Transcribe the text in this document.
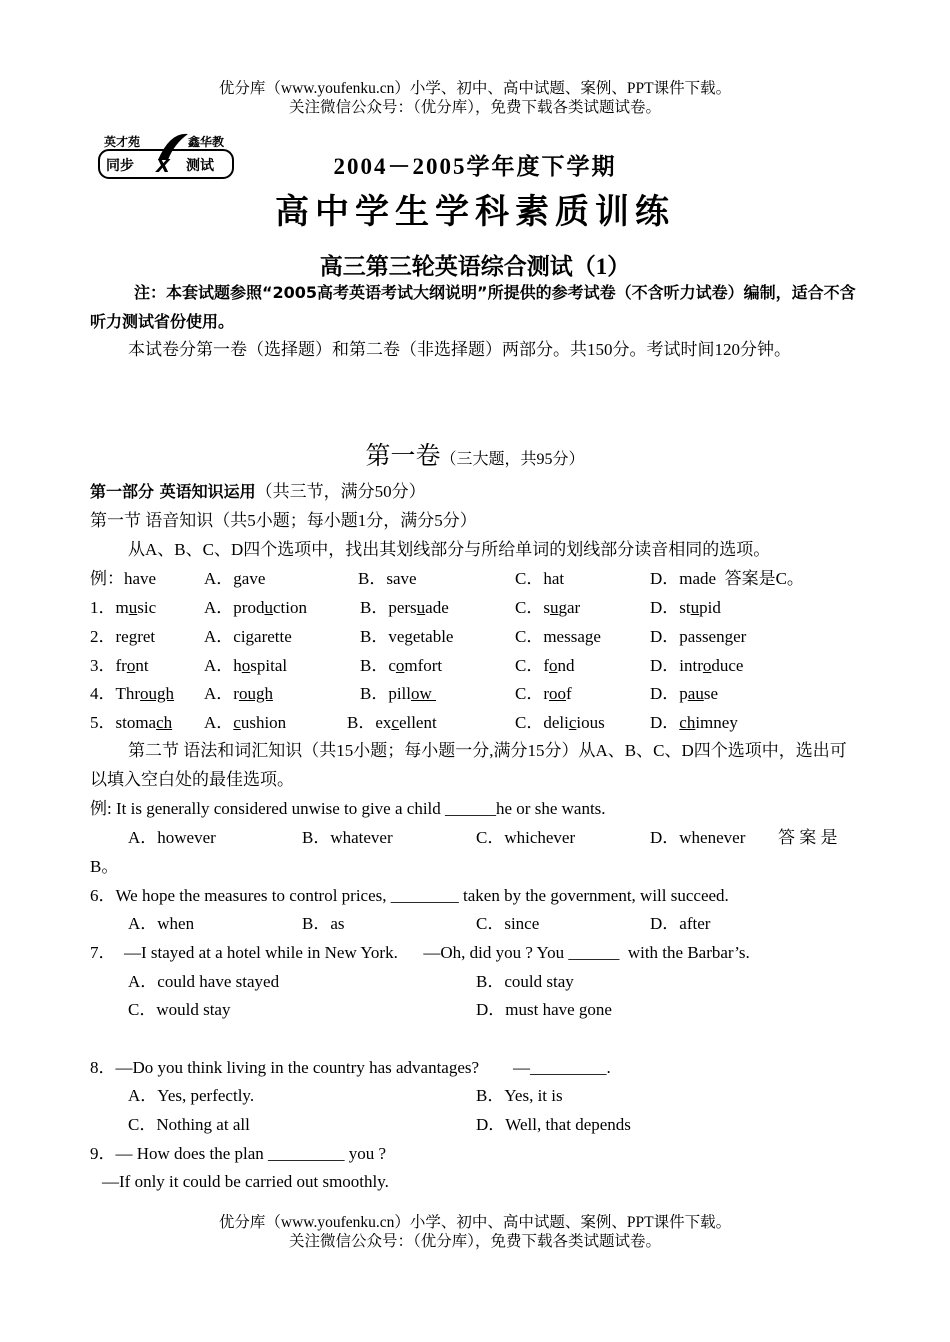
优分库（www.youfenku.cn）小学、初中、高中试题、案例、PPT课件下载。
关注微信公众号：（优分库），免费下载各类试题试卷。
英才苑	鑫华教
同步 X 测试	2004－2005学年度下学期
高中学生学科素质训练
高三第三轮英语综合测试（1）
注：本套试题参照“2005高考英语考试大纲说明”所提供的参考试卷（不含听力试卷）编制，适合不含听力测试省份使用。
本试卷分第一卷（选择题）和第二卷（非选择题）两部分。共150分。考试时间120分钟。
第一卷（三大题，共95分）
第一部分 英语知识运用（共三节，满分50分）
第一节 语音知识（共5小题；每小题1分，满分5分）
从A、B、C、D四个选项中，找出其划线部分与所给单词的划线部分读音相同的选项。
例：have	A．gave	B．save	C．hat	D．made 答案是C。
1．music	A．production	B．persuade	C．sugar	D．stupid
2．regret	A．cigarette	B．vegetable	C．message	D．passenger
3．front	A．hospital	B．comfort	C．fond	D．introduce
4．Through A．rough	B．pillow	C．roof	D．pause
5．stomach A．cushion	B．excellent	C．delicious	D．chimney
第二节 语法和词汇知识（共15小题；每小题一分,满分15分）从A、B、C、D四个选项中，选出可以填入空白处的最佳选项。
例: It is generally considered unwise to give a child ______he or she wants.
A．however	B．whatever	C．whichever	D．whenever 答 案 是
B。
6．We hope the measures to control prices, ________ taken by the government, will succeed.
A．when	B．as	C．since	D．after
7．  —I stayed at a hotel while in New York.      —Oh, did you ? You ______  with the Barbar’s.
A．could have stayed	B．could stay
C．would stay	D．must have gone
8．—Do you think living in the country has advantages?        —_________.
A．Yes, perfectly.	B．Yes, it is
C．Nothing at all	D．Well, that depends
9．— How does the plan _________ you ?
—If only it could be carried out smoothly.
优分库（www.youfenku.cn）小学、初中、高中试题、案例、PPT课件下载。
关注微信公众号：（优分库），免费下载各类试题试卷。
